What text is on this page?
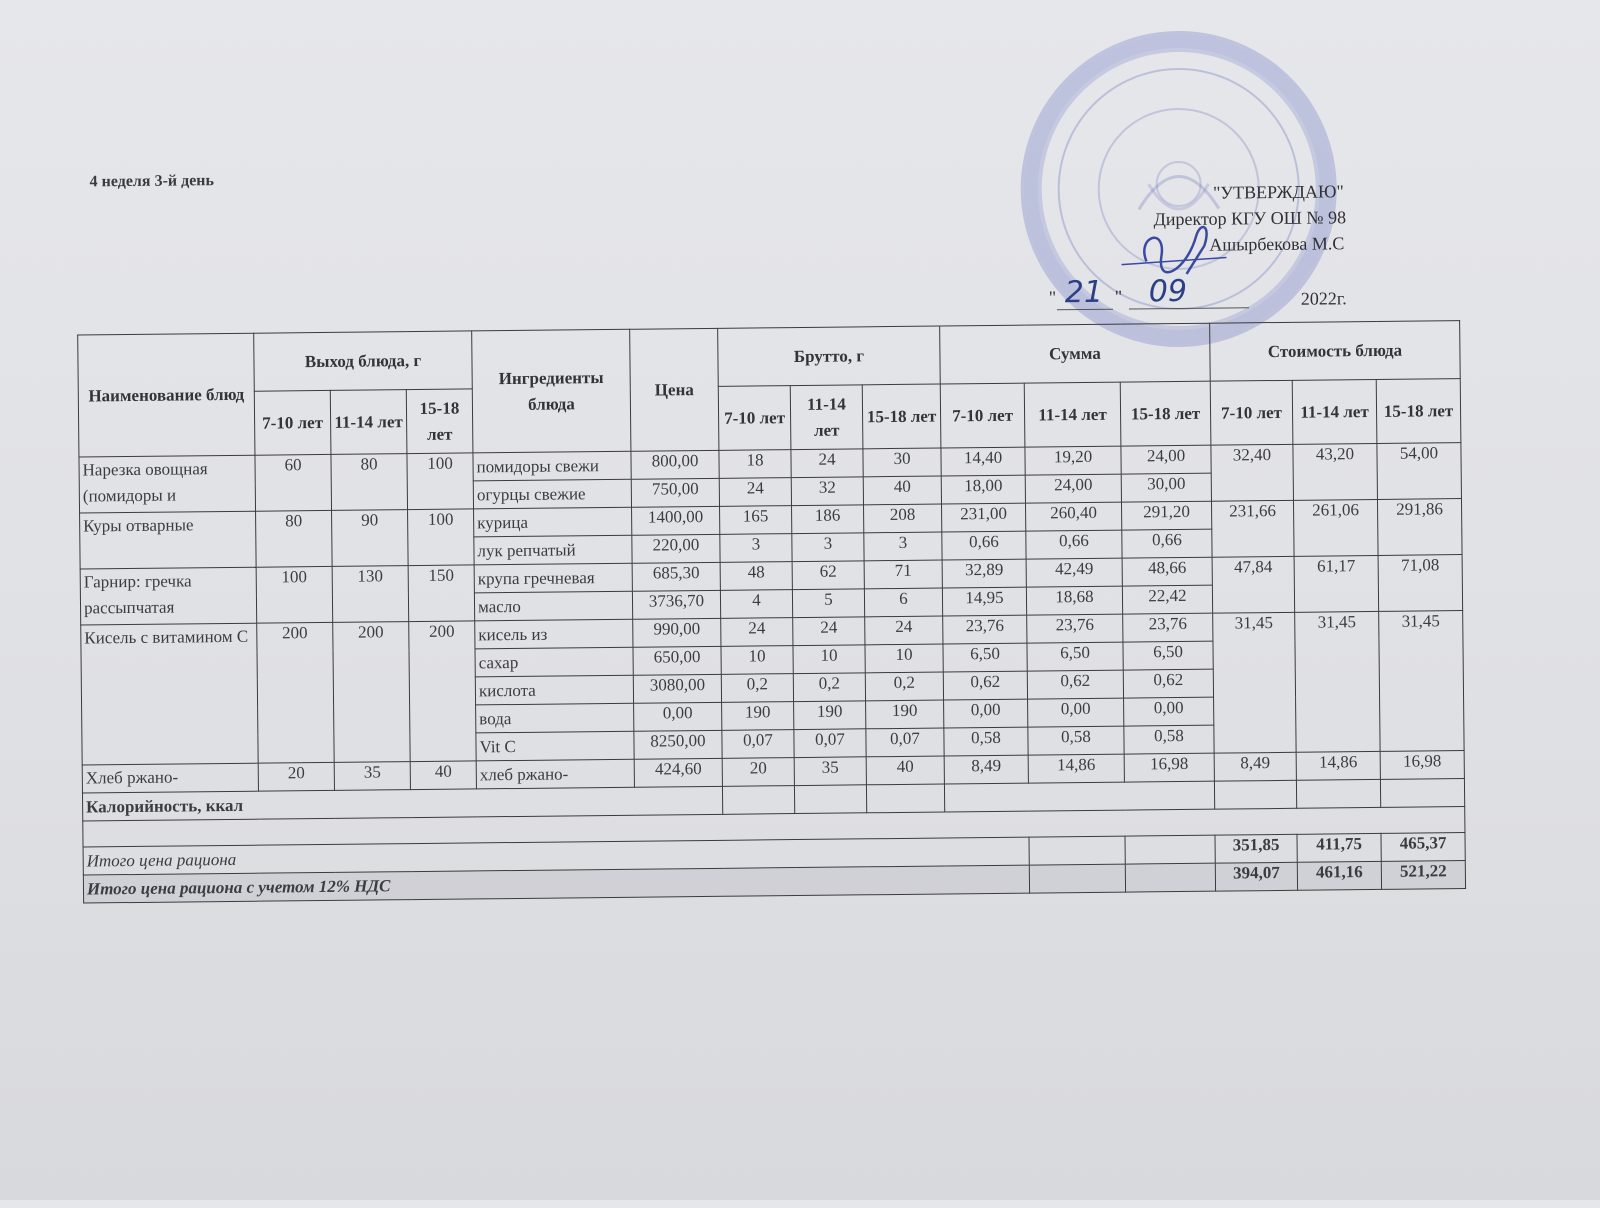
4 неделя 3-й день
"УТВЕРЖДАЮ"
Директор КГУ ОШ № 98
Ашырбекова М.С
" 21 " 09	2022г.
Наименование блюд	Выход блюда, г			Ингредиенты блюда	Цена	Брутто, г			Сумма			Стоимость блюда		
	7-10 лет	11-14 лет	15-18 лет			7-10 лет	11-14 лет	15-18 лет	7-10 лет	11-14 лет	15-18 лет	7-10 лет	11-14 лет	15-18 лет
Нарезка овощная (помидоры и	60	80	100	помидоры свежи	800,00	18	24	30	14,40	19,20	24,00	32,40	43,20	54,00
				огурцы свежие	750,00	24	32	40	18,00	24,00	30,00			
Куры отварные	80	90	100	курица	1400,00	165	186	208	231,00	260,40	291,20	231,66	261,06	291,86
				лук репчатый	220,00	3	3	3	0,66	0,66	0,66			
Гарнир: гречка рассыпчатая	100	130	150	крупа гречневая	685,30	48	62	71	32,89	42,49	48,66	47,84	61,17	71,08
				масло	3736,70	4	5	6	14,95	18,68	22,42			
Кисель с витамином С	200	200	200	кисель из	990,00	24	24	24	23,76	23,76	23,76	31,45	31,45	31,45
				сахар	650,00	10	10	10	6,50	6,50	6,50			
				кислота	3080,00	0,2	0,2	0,2	0,62	0,62	0,62			
				вода	0,00	190	190	190	0,00	0,00	0,00			
				Vit C	8250,00	0,07	0,07	0,07	0,58	0,58	0,58			
Хлеб ржано-	20	35	40	хлеб ржано-	424,60	20	35	40	8,49	14,86	16,98	8,49	14,86	16,98
Калорийность, ккал														

Итого цена рациона												351,85	411,75	465,37
Итого цена рациона с учетом 12% НДС												394,07	461,16	521,22
